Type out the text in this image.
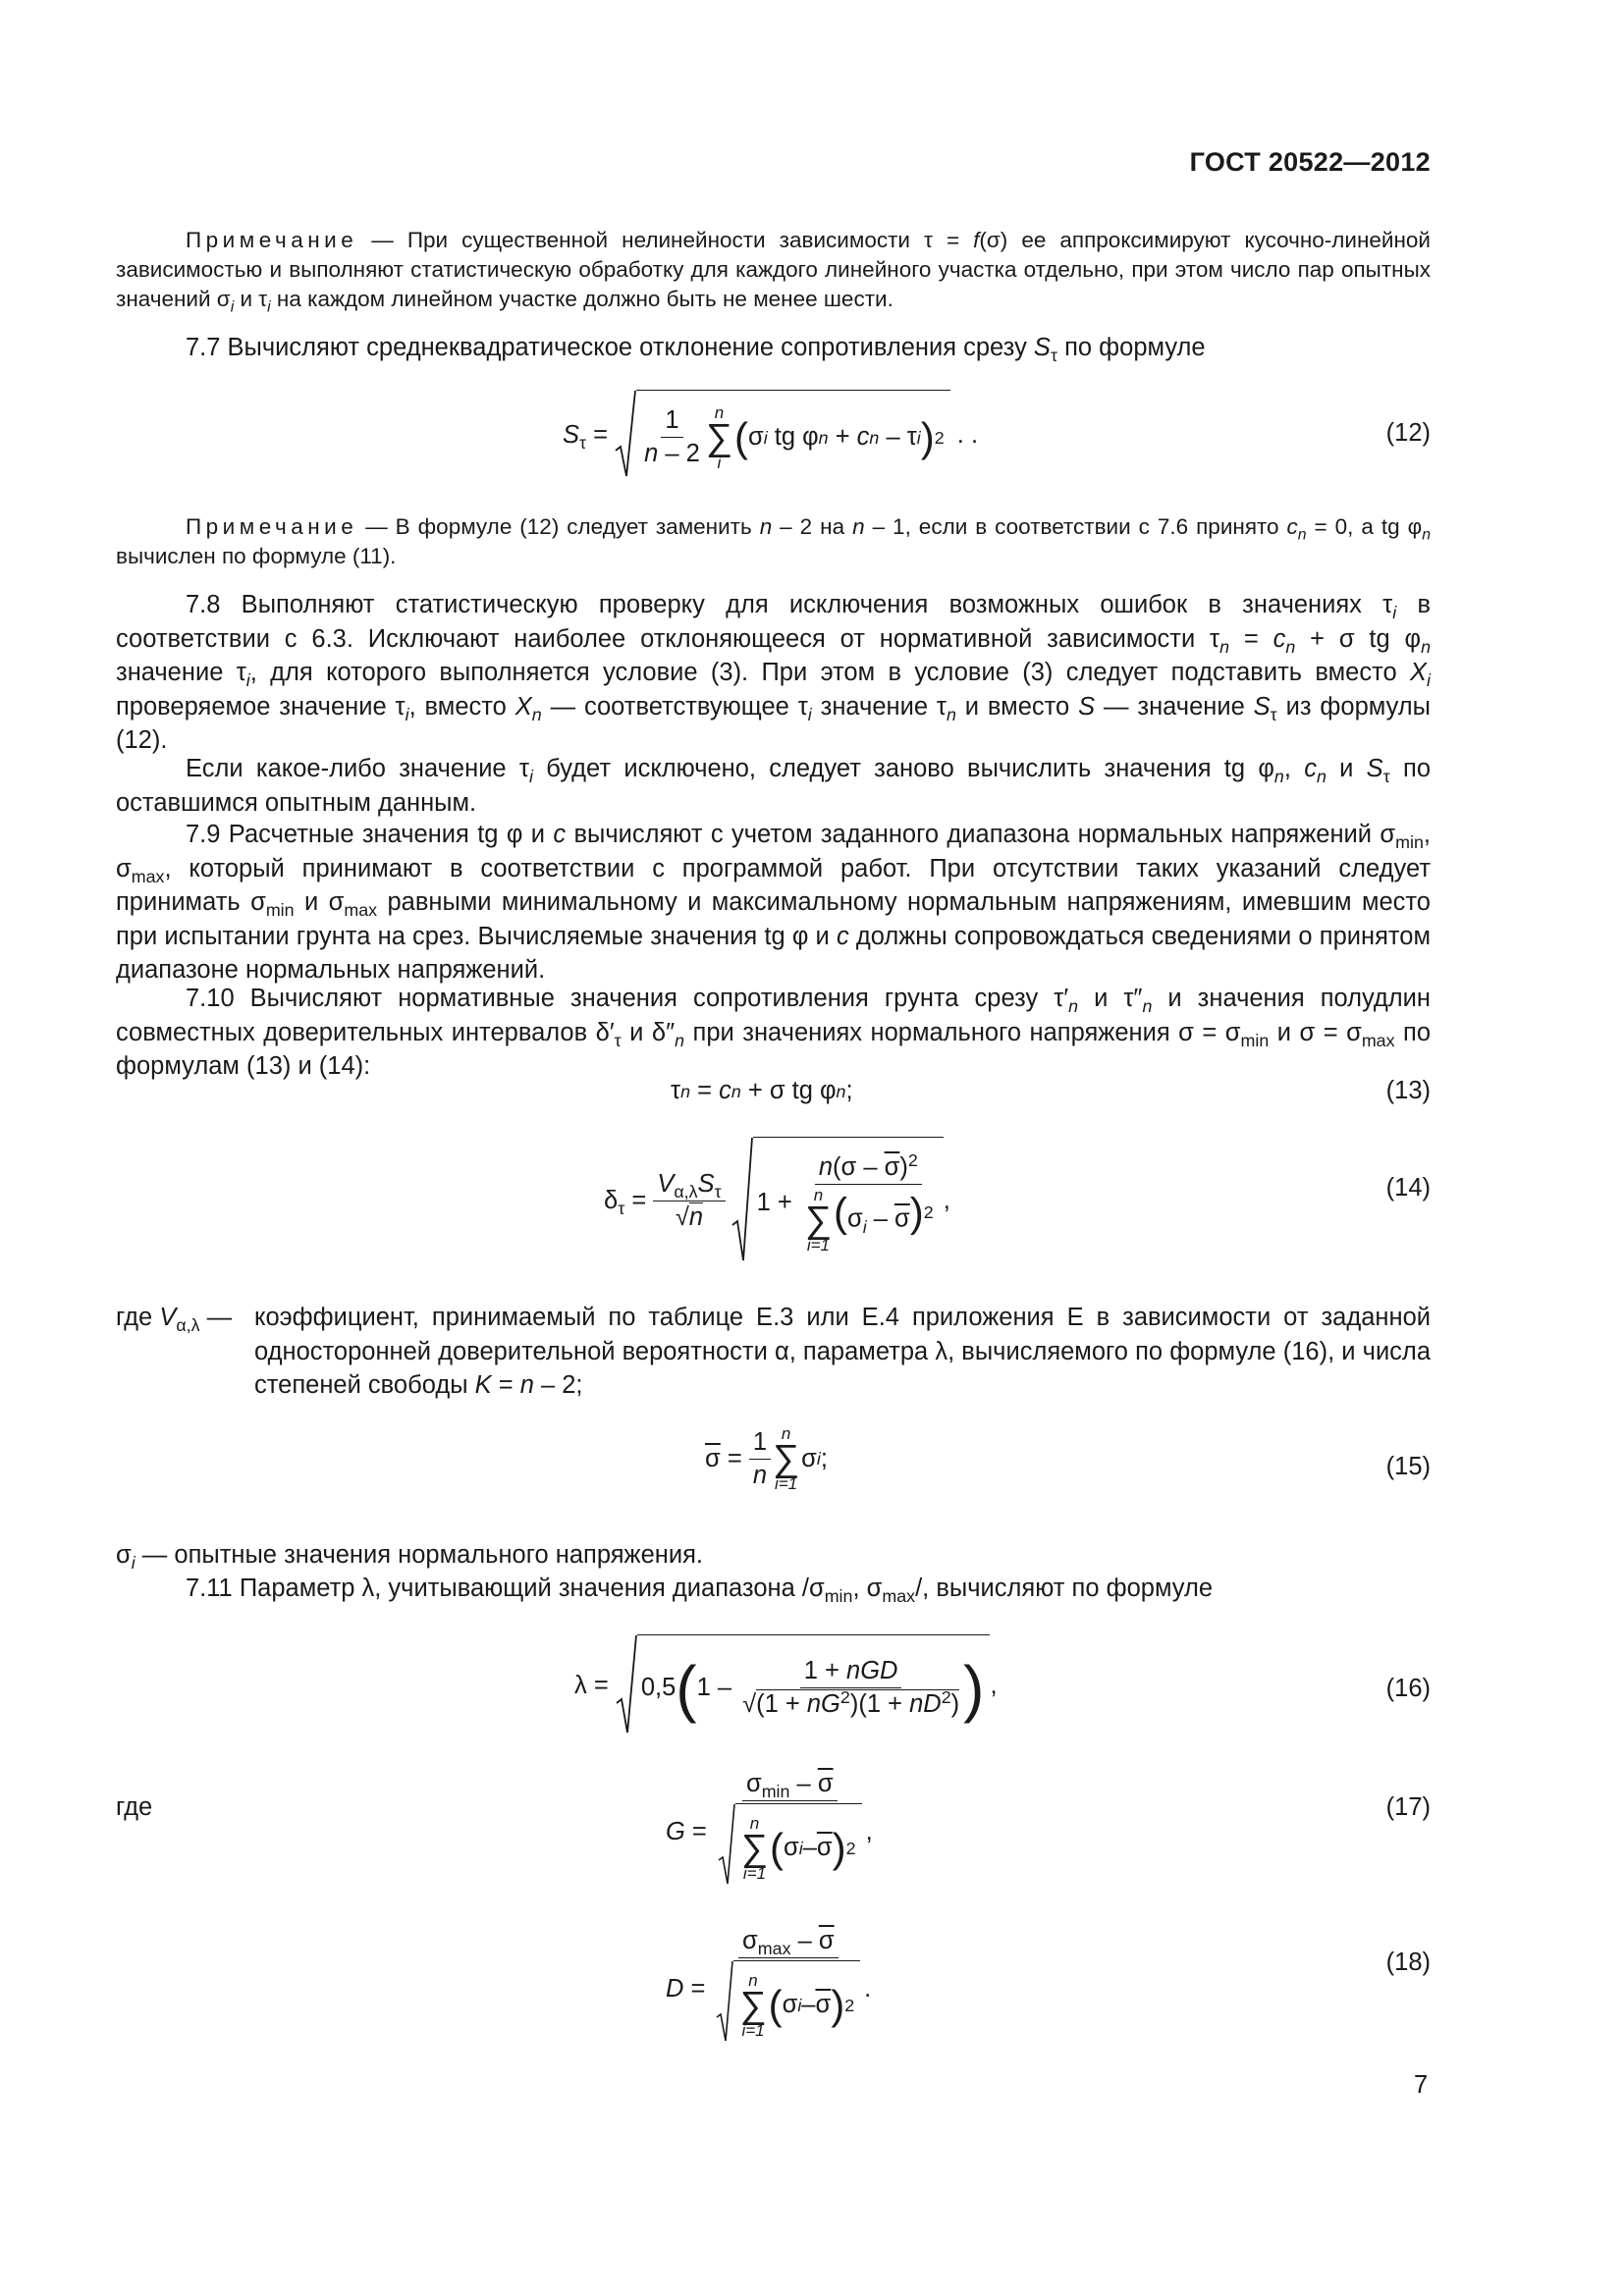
ГОСТ 20522—2012
Примечание — При существенной нелинейности зависимости τ = f(σ) ее аппроксимируют кусочно-линейной зависимостью и выполняют статистическую обработку для каждого линейного участка отдельно, при этом число пар опытных значений $\sigma_i$ и $\tau_i$ на каждом линейном участке должно быть не менее шести.
7.7 Вычисляют среднеквадратическое отклонение сопротивления срезу $S_\tau$ по формуле
$S_\tau = \frac{1}{n - 2}$ n
∑
i
( σ i tg φ n + c n – τ i ) 2 . .	(12)
Примечание — В формуле (12) следует заменить n – 2 на n – 1, если в соответствии с 7.6 принято $c_n = 0$, а tg $\varphi_n$ вычислен по формуле (11).
7.8 Выполняют статистическую проверку для исключения возможных ошибок в значениях $\tau_i$ в соответствии с 6.3. Исключают наиболее отклоняющееся от нормативной зависимости $\tau_n = c_n + \sigma$ tg $\varphi_n$ значение $\tau_i$, для которого выполняется условие (3). При этом в условие (3) следует подставить вместо $X_i$ проверяемое значение $\tau_i$, вместо $X_n$ — соответствующее $\tau_i$ значение $\tau_n$ и вместо S — значение $S_\tau$ из формулы (12).
Если какое-либо значение $\tau_i$ будет исключено, следует заново вычислить значения tg $\varphi_n$, $c_n$ и $S_\tau$ по оставшимся опытным данным.
7.9 Расчетные значения tg φ и c вычисляют с учетом заданного диапазона нормальных напряжений $\sigma_{min}$, $\sigma_{max}$, который принимают в соответствии с программой работ. При отсутствии таких указаний следует принимать $\sigma_{min}$ и $\sigma_{max}$ равными минимальному и максимальному нормальным напряжениям, имевшим место при испытании грунта на срез. Вычисляемые значения tg φ и c должны сопровождаться сведениями о принятом диапазоне нормальных напряжений.
7.10 Вычисляют нормативные значения сопротивления грунта срезу $\tau'_n$ и $\tau''_n$ и значения полудлин совместных доверительных интервалов $\delta'_\tau$ и $\delta''_n$ при значениях нормального напряжения $\sigma = \sigma_{min}$ и $\sigma = \sigma_{max}$ по формулам (13) и (14):
τ n = c n + σ tg φ n ;	(13)
$\delta_\tau = \frac{V_{\alpha,\lambda}S_\tau}{√n} 1 + n(\sigma - \overline{\sigma})^2$
n
∑
i=1
$(\sigma_i - \overline{\sigma})^2$ ,	(14)
где $V_{\alpha,\lambda}$ — коэффициент, принимаемый по таблице Е.3 или Е.4 приложения Е в зависимости от заданной односторонней доверительной вероятности α, параметра λ, вычисляемого по формуле (16), и числа степеней свободы K = n – 2;
$\overline{\sigma} = \frac{1}{n}$ n
∑
i=1
σ i ;	(15)
$\sigma_i$ — опытные значения нормального напряжения.
7.11 Параметр λ, учитывающий значения диапазона $/\sigma_{min}$, $\sigma_{max}/$, вычисляют по формуле
λ = 0,5 ( $1 - \frac{\text{1 + nGD}}{√(1 + nG^2)(1 + nD^2)}$ ) ,	(16)
где
$G = \sigma_{min} - \overline{\sigma}$
n
∑
i=1
( σ i – $\overline{\sigma}$ ) 2 ,
(17)
$D = \sigma_{max} - \overline{\sigma}$
n
∑
i=1
( σ i – $\overline{\sigma}$ ) 2 .
(18)
7
